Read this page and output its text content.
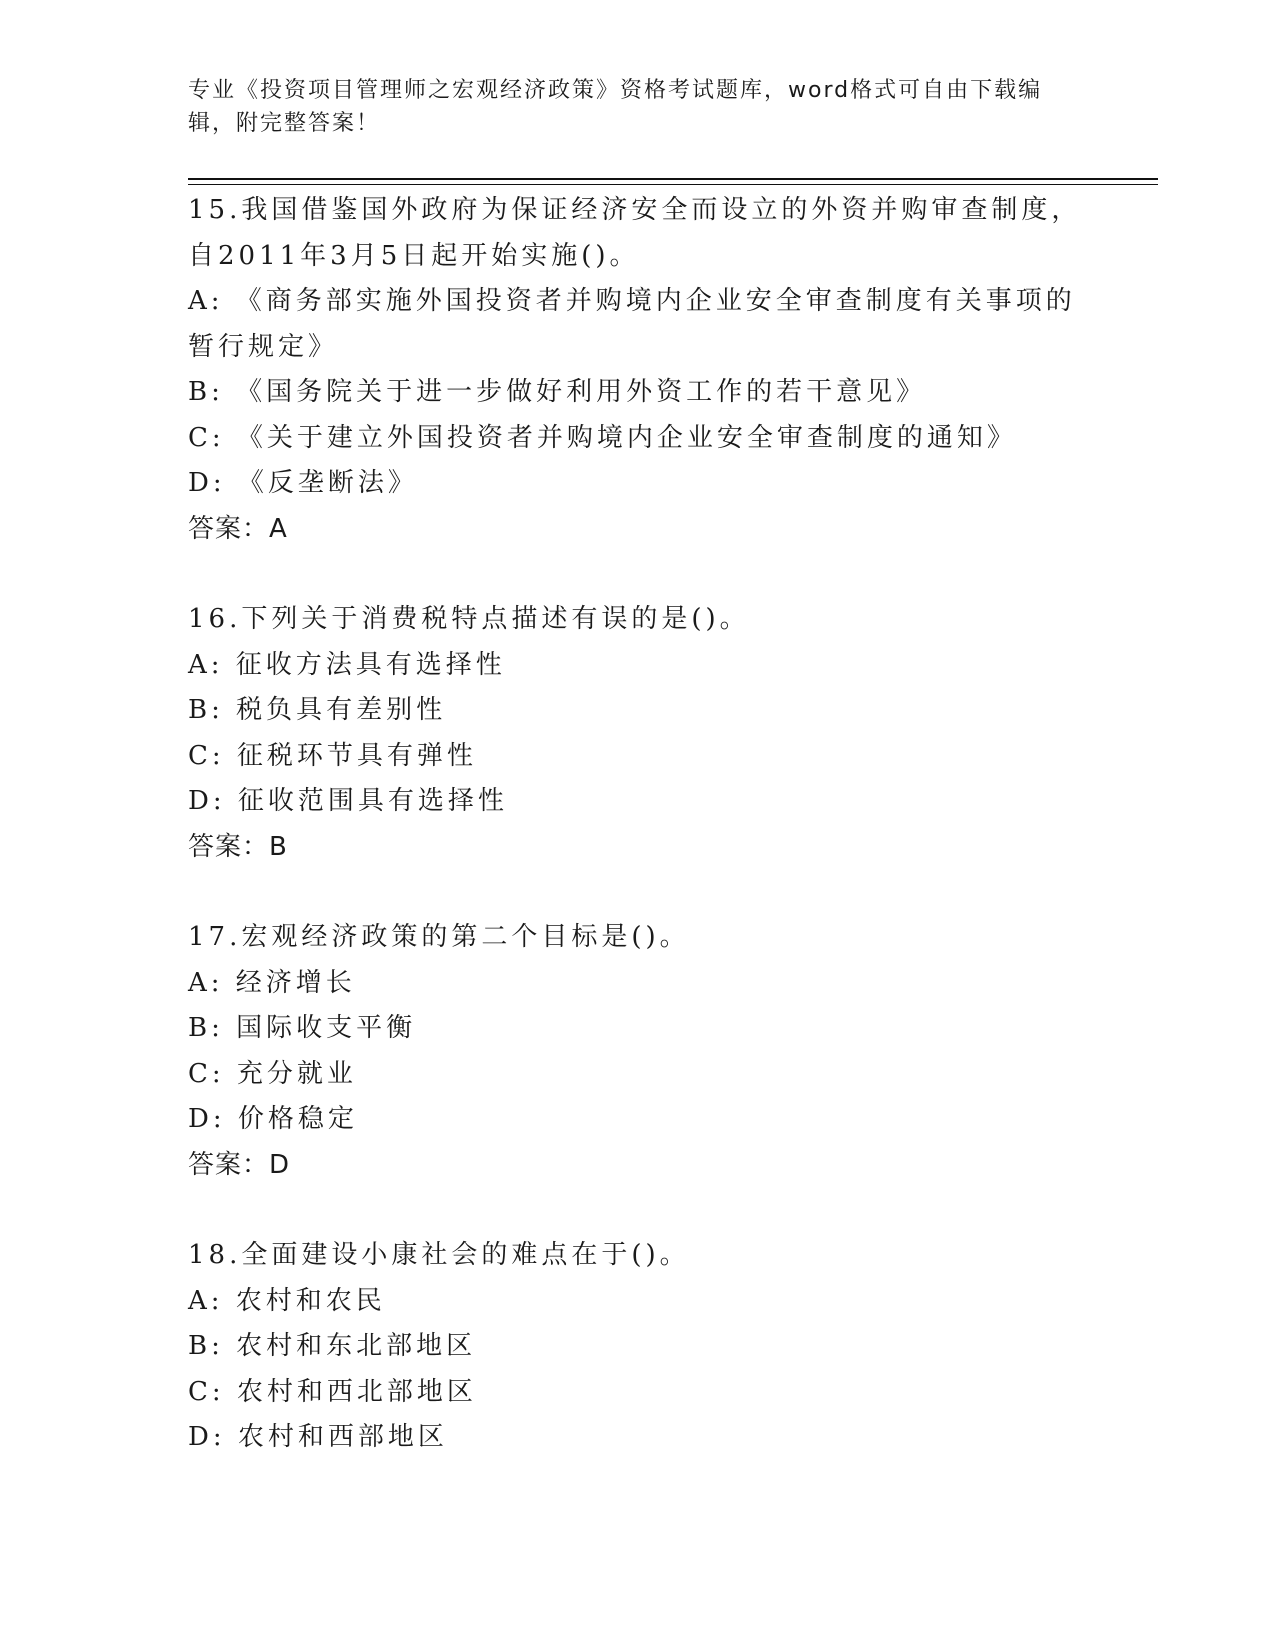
专业《投资项目管理师之宏观经济政策》资格考试题库，word格式可自由下载编辑，附完整答案！
15.我国借鉴国外政府为保证经济安全而设立的外资并购审查制度，自2011年3月5日起开始实施()。
A: 《商务部实施外国投资者并购境内企业安全审查制度有关事项的暂行规定》
B: 《国务院关于进一步做好利用外资工作的若干意见》
C: 《关于建立外国投资者并购境内企业安全审查制度的通知》
D: 《反垄断法》
答案：A
16.下列关于消费税特点描述有误的是()。
A: 征收方法具有选择性
B: 税负具有差别性
C: 征税环节具有弹性
D: 征收范围具有选择性
答案：B
17.宏观经济政策的第二个目标是()。
A: 经济增长
B: 国际收支平衡
C: 充分就业
D: 价格稳定
答案：D
18.全面建设小康社会的难点在于()。
A: 农村和农民
B: 农村和东北部地区
C: 农村和西北部地区
D: 农村和西部地区
